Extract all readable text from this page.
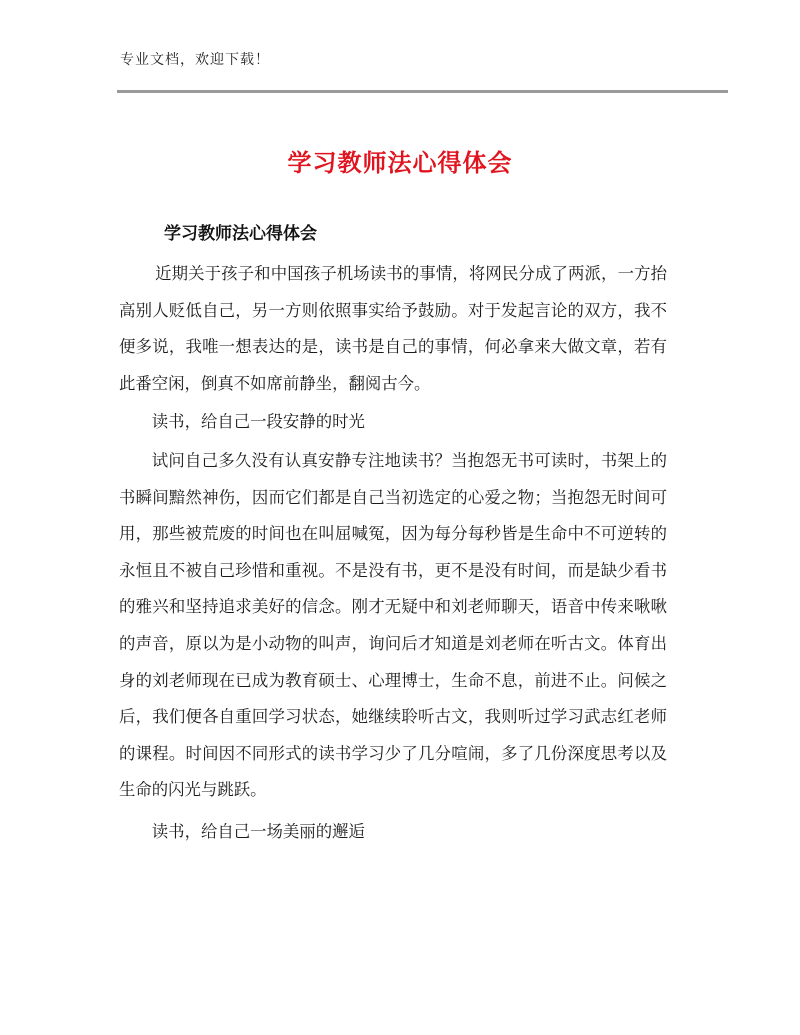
专业文档，欢迎下载！
学习教师法心得体会
学习教师法心得体会

近期关于孩子和中国孩子机场读书的事情，将网民分成了两派，一方抬高别人贬低自己，另一方则依照事实给予鼓励。对于发起言论的双方，我不便多说，我唯一想表达的是，读书是自己的事情，何必拿来大做文章，若有此番空闲，倒真不如席前静坐，翻阅古今。

读书，给自己一段安静的时光

试问自己多久没有认真安静专注地读书？当抱怨无书可读时，书架上的书瞬间黯然神伤，因而它们都是自己当初选定的心爱之物；当抱怨无时间可用，那些被荒废的时间也在叫屈喊冤，因为每分每秒皆是生命中不可逆转的永恒且不被自己珍惜和重视。不是没有书，更不是没有时间，而是缺少看书的雅兴和坚持追求美好的信念。刚才无疑中和刘老师聊天，语音中传来啾啾的声音，原以为是小动物的叫声，询问后才知道是刘老师在听古文。体育出身的刘老师现在已成为教育硕士、心理博士，生命不息，前进不止。问候之后，我们便各自重回学习状态，她继续聆听古文，我则听过学习武志红老师的课程。时间因不同形式的读书学习少了几分喧闹，多了几份深度思考以及生命的闪光与跳跃。

读书，给自己一场美丽的邂逅
